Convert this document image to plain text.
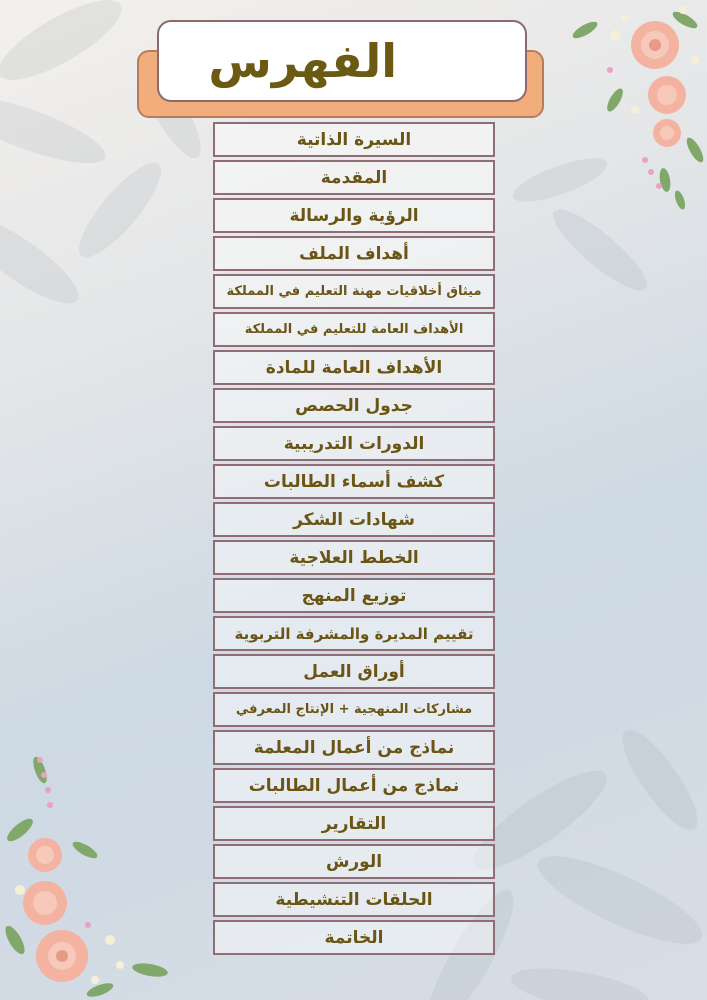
الفهرس
السيرة الذاتية
المقدمة
الرؤية والرسالة
أهداف الملف
ميثاق أخلاقيات مهنة التعليم في المملكة
الأهداف العامة للتعليم في المملكة
الأهداف العامة للمادة
جدول الحصص
الدورات التدريبية
كشف أسماء الطالبات
شهادات الشكر
الخطط العلاجية
توزيع المنهج
تقييم المديرة والمشرفة التربوية
أوراق العمل
مشاركات المنهجية + الإنتاج المعرفي
نماذج من أعمال المعلمة
نماذج من أعمال الطالبات
التقارير
الورش
الحلقات التنشيطية
الخاتمة
